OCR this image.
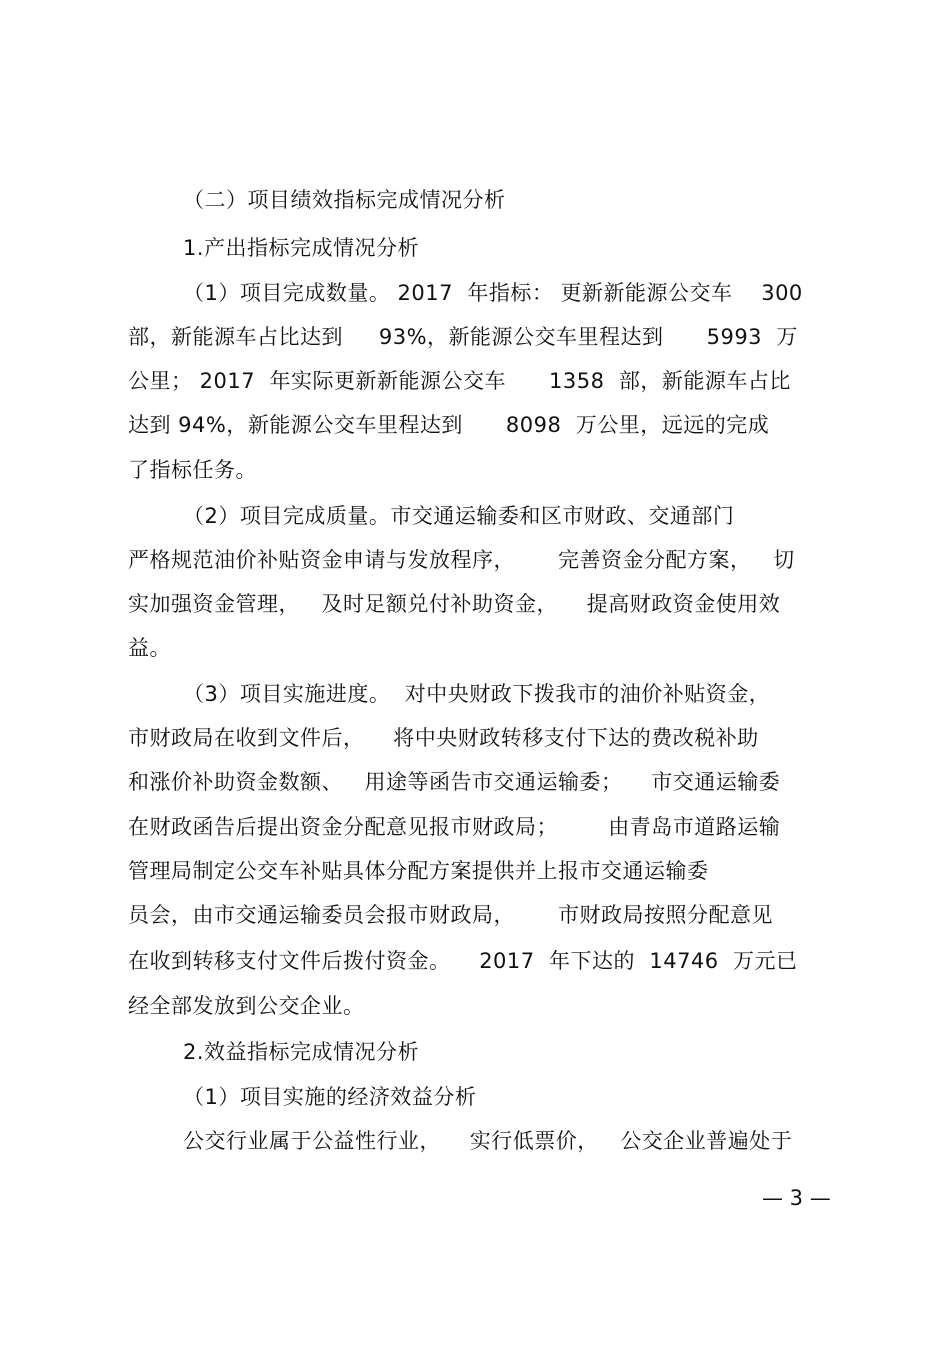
（二）项目绩效指标完成情况分析
1.产出指标完成情况分析
（1）项目完成数量。 2017  年指标： 更新新能源公交车    300
部，新能源车占比达到     93%，新能源公交车里程达到      5993  万
公里； 2017  年实际更新新能源公交车      1358  部，新能源车占比
达到 94%，新能源公交车里程达到      8098  万公里，远远的完成
了指标任务。
（2）项目完成质量。市交通运输委和区市财政、交通部门
严格规范油价补贴资金申请与发放程序，      完善资金分配方案，   切
实加强资金管理，   及时足额兑付补助资金，    提高财政资金使用效
益。
（3）项目实施进度。  对中央财政下拨我市的油价补贴资金，
市财政局在收到文件后，    将中央财政转移支付下达的费改税补助
和涨价补助资金数额、   用途等函告市交通运输委；    市交通运输委
在财政函告后提出资金分配意见报市财政局；       由青岛市道路运输
管理局制定公交车补贴具体分配方案提供并上报市交通运输委
员会，由市交通运输委员会报市财政局，      市财政局按照分配意见
在收到转移支付文件后拨付资金。    2017  年下达的  14746  万元已
经全部发放到公交企业。
2.效益指标完成情况分析
（1）项目实施的经济效益分析
公交行业属于公益性行业，    实行低票价，   公交企业普遍处于
— 3 —
